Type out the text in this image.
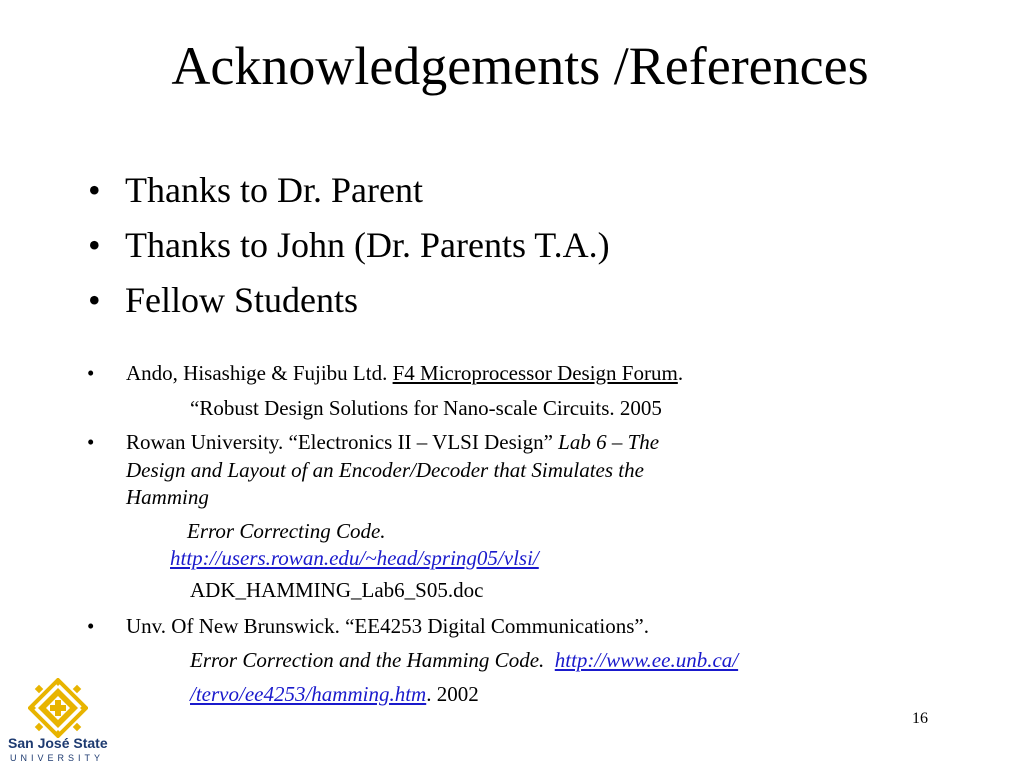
Acknowledgements /References
• Thanks to Dr. Parent
• Thanks to John (Dr. Parents T.A.)
• Fellow Students
• Ando, Hisashige & Fujibu Ltd. F4 Microprocessor Design Forum.
“Robust Design Solutions for Nano-scale Circuits. 2005
• Rowan University. “Electronics II – VLSI Design” Lab 6 – The
Design and Layout of an Encoder/Decoder that Simulates the
Hamming
Error Correcting Code.
http://users.rowan.edu/~head/spring05/vlsi/
ADK_HAMMING_Lab6_S05.doc
• Unv. Of New Brunswick. “EE4253 Digital Communications”.
Error Correction and the Hamming Code. http://www.ee.unb.ca/
/tervo/ee4253/hamming.htm. 2002
16
San José State
UNIVERSITY
